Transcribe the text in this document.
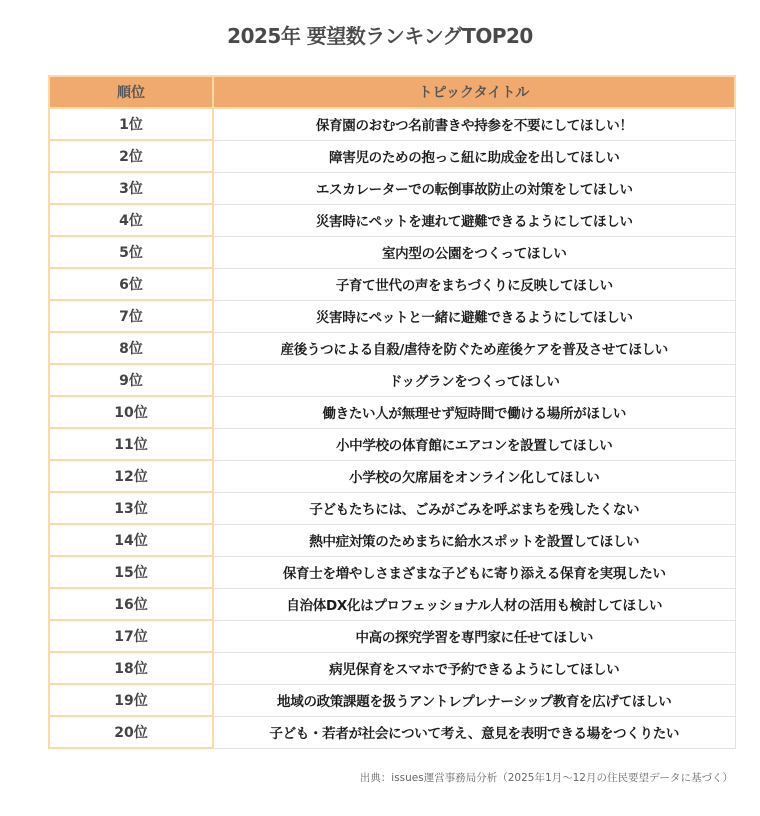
2025年 要望数ランキングTOP20
順位	トピックタイトル
1位	保育園のおむつ名前書きや持参を不要にしてほしい！
2位	障害児のための抱っこ紐に助成金を出してほしい
3位	エスカレーターでの転倒事故防止の対策をしてほしい
4位	災害時にペットを連れて避難できるようにしてほしい
5位	室内型の公園をつくってほしい
6位	子育て世代の声をまちづくりに反映してほしい
7位	災害時にペットと一緒に避難できるようにしてほしい
8位	産後うつによる自殺/虐待を防ぐため産後ケアを普及させてほしい
9位	ドッグランをつくってほしい
10位	働きたい人が無理せず短時間で働ける場所がほしい
11位	小中学校の体育館にエアコンを設置してほしい
12位	小学校の欠席届をオンライン化してほしい
13位	子どもたちには、ごみがごみを呼ぶまちを残したくない
14位	熱中症対策のためまちに給水スポットを設置してほしい
15位	保育士を増やしさまざまな子どもに寄り添える保育を実現したい
16位	自治体DX化はプロフェッショナル人材の活用も検討してほしい
17位	中高の探究学習を専門家に任せてほしい
18位	病児保育をスマホで予約できるようにしてほしい
19位	地域の政策課題を扱うアントレプレナーシップ教育を広げてほしい
20位	子ども・若者が社会について考え、意見を表明できる場をつくりたい
出典：issues運営事務局分析（2025年1月〜12月の住民要望データに基づく）
